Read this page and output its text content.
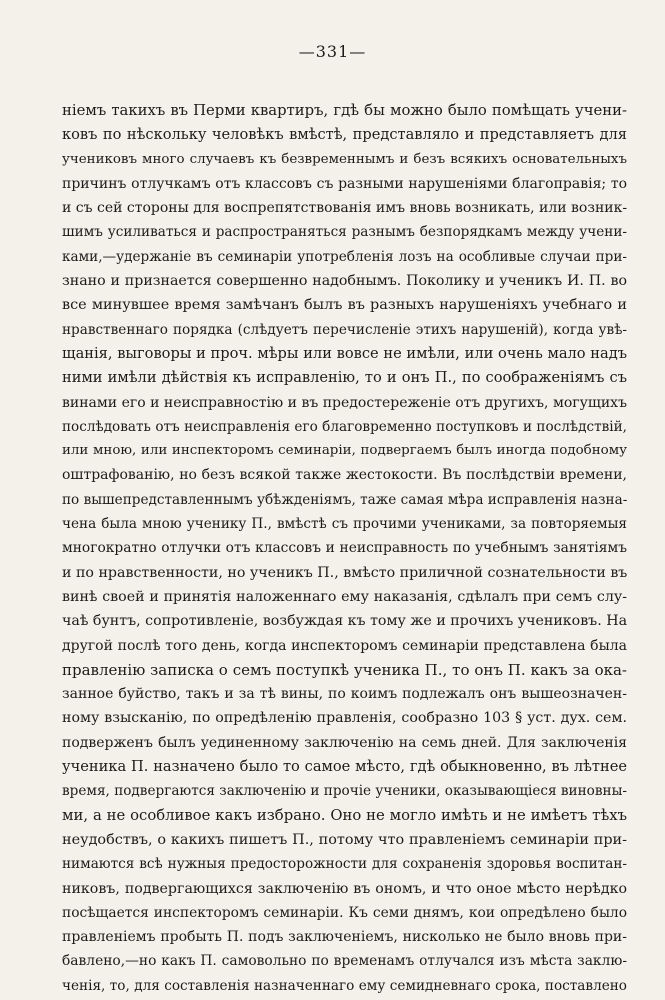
—331—
ніемъ такихъ въ Перми квартиръ, гдѣ бы можно было помѣщать учени-
ковъ по нѣскольку человѣкъ вмѣстѣ, представляло и представляетъ для
учениковъ много случаевъ къ безвременнымъ и безъ всякихъ основательныхъ
причинъ отлучкамъ отъ классовъ съ разными нарушеніями благоправія; то
и съ сей стороны для воспрепятствованія имъ вновь возникать, или возник-
шимъ усиливаться и распространяться разнымъ безпорядкамъ между учени-
ками,—удержаніе въ семинаріи употребленія лозъ на особливые случаи при-
знано и признается совершенно надобнымъ. Поколику и ученикъ И. П. во
все минувшее время замѣчанъ былъ въ разныхъ нарушеніяхъ учебнаго и
нравственнаго порядка (слѣдуетъ перечисленіе этихъ нарушеній), когда увѣ-
щанія, выговоры и проч. мѣры или вовсе не имѣли, или очень мало надъ
ними имѣли дѣйствія къ исправленію, то и онъ П., по соображеніямъ съ
винами его и неисправностію и въ предостереженіе отъ другихъ, могущихъ
послѣдовать отъ неисправленія его благовременно поступковъ и послѣдствій,
или мною, или инспекторомъ семинаріи, подвергаемъ былъ иногда подобному
оштрафованію, но безъ всякой также жестокости. Въ послѣдствіи времени,
по вышепредставленнымъ убѣжденіямъ, таже самая мѣра исправленія назна-
чена была мною ученику П., вмѣстѣ съ прочими учениками, за повторяемыя
многократно отлучки отъ классовъ и неисправность по учебнымъ занятіямъ
и по нравственности, но ученикъ П., вмѣсто приличной сознательности въ
винѣ своей и принятія наложеннаго ему наказанія, сдѣлалъ при семъ слу-
чаѣ бунтъ, сопротивленіе, возбуждая къ тому же и прочихъ учениковъ. На
другой послѣ того день, когда инспекторомъ семинаріи представлена была
правленію записка о семъ поступкѣ ученика П., то онъ П. какъ за ока-
занное буйство, такъ и за тѣ вины, по коимъ подлежалъ онъ вышеозначен-
ному взысканію, по опредѣленію правленія, сообразно 103 § уст. дух. сем.
подверженъ былъ уединенному заключенію на семь дней. Для заключенія
ученика П. назначено было то самое мѣсто, гдѣ обыкновенно, въ лѣтнее
время, подвергаются заключенію и прочіе ученики, оказывающіеся виновны-
ми, а не особливое какъ избрано. Оно не могло имѣть и не имѣетъ тѣхъ
неудобствъ, о какихъ пишетъ П., потому что правленіемъ семинаріи при-
нимаются всѣ нужныя предосторожности для сохраненія здоровья воспитан-
никовъ, подвергающихся заключенію въ ономъ, и что оное мѣсто нерѣдко
посѣщается инспекторомъ семинаріи. Къ семи днямъ, кои опредѣлено было
правленіемъ пробыть П. подъ заключеніемъ, нисколько не было вновь при-
бавлено,—но какъ П. самовольно по временамъ отлучался изъ мѣста заклю-
ченія, то, для составленія назначеннаго ему семидневнаго срока, поставлено
